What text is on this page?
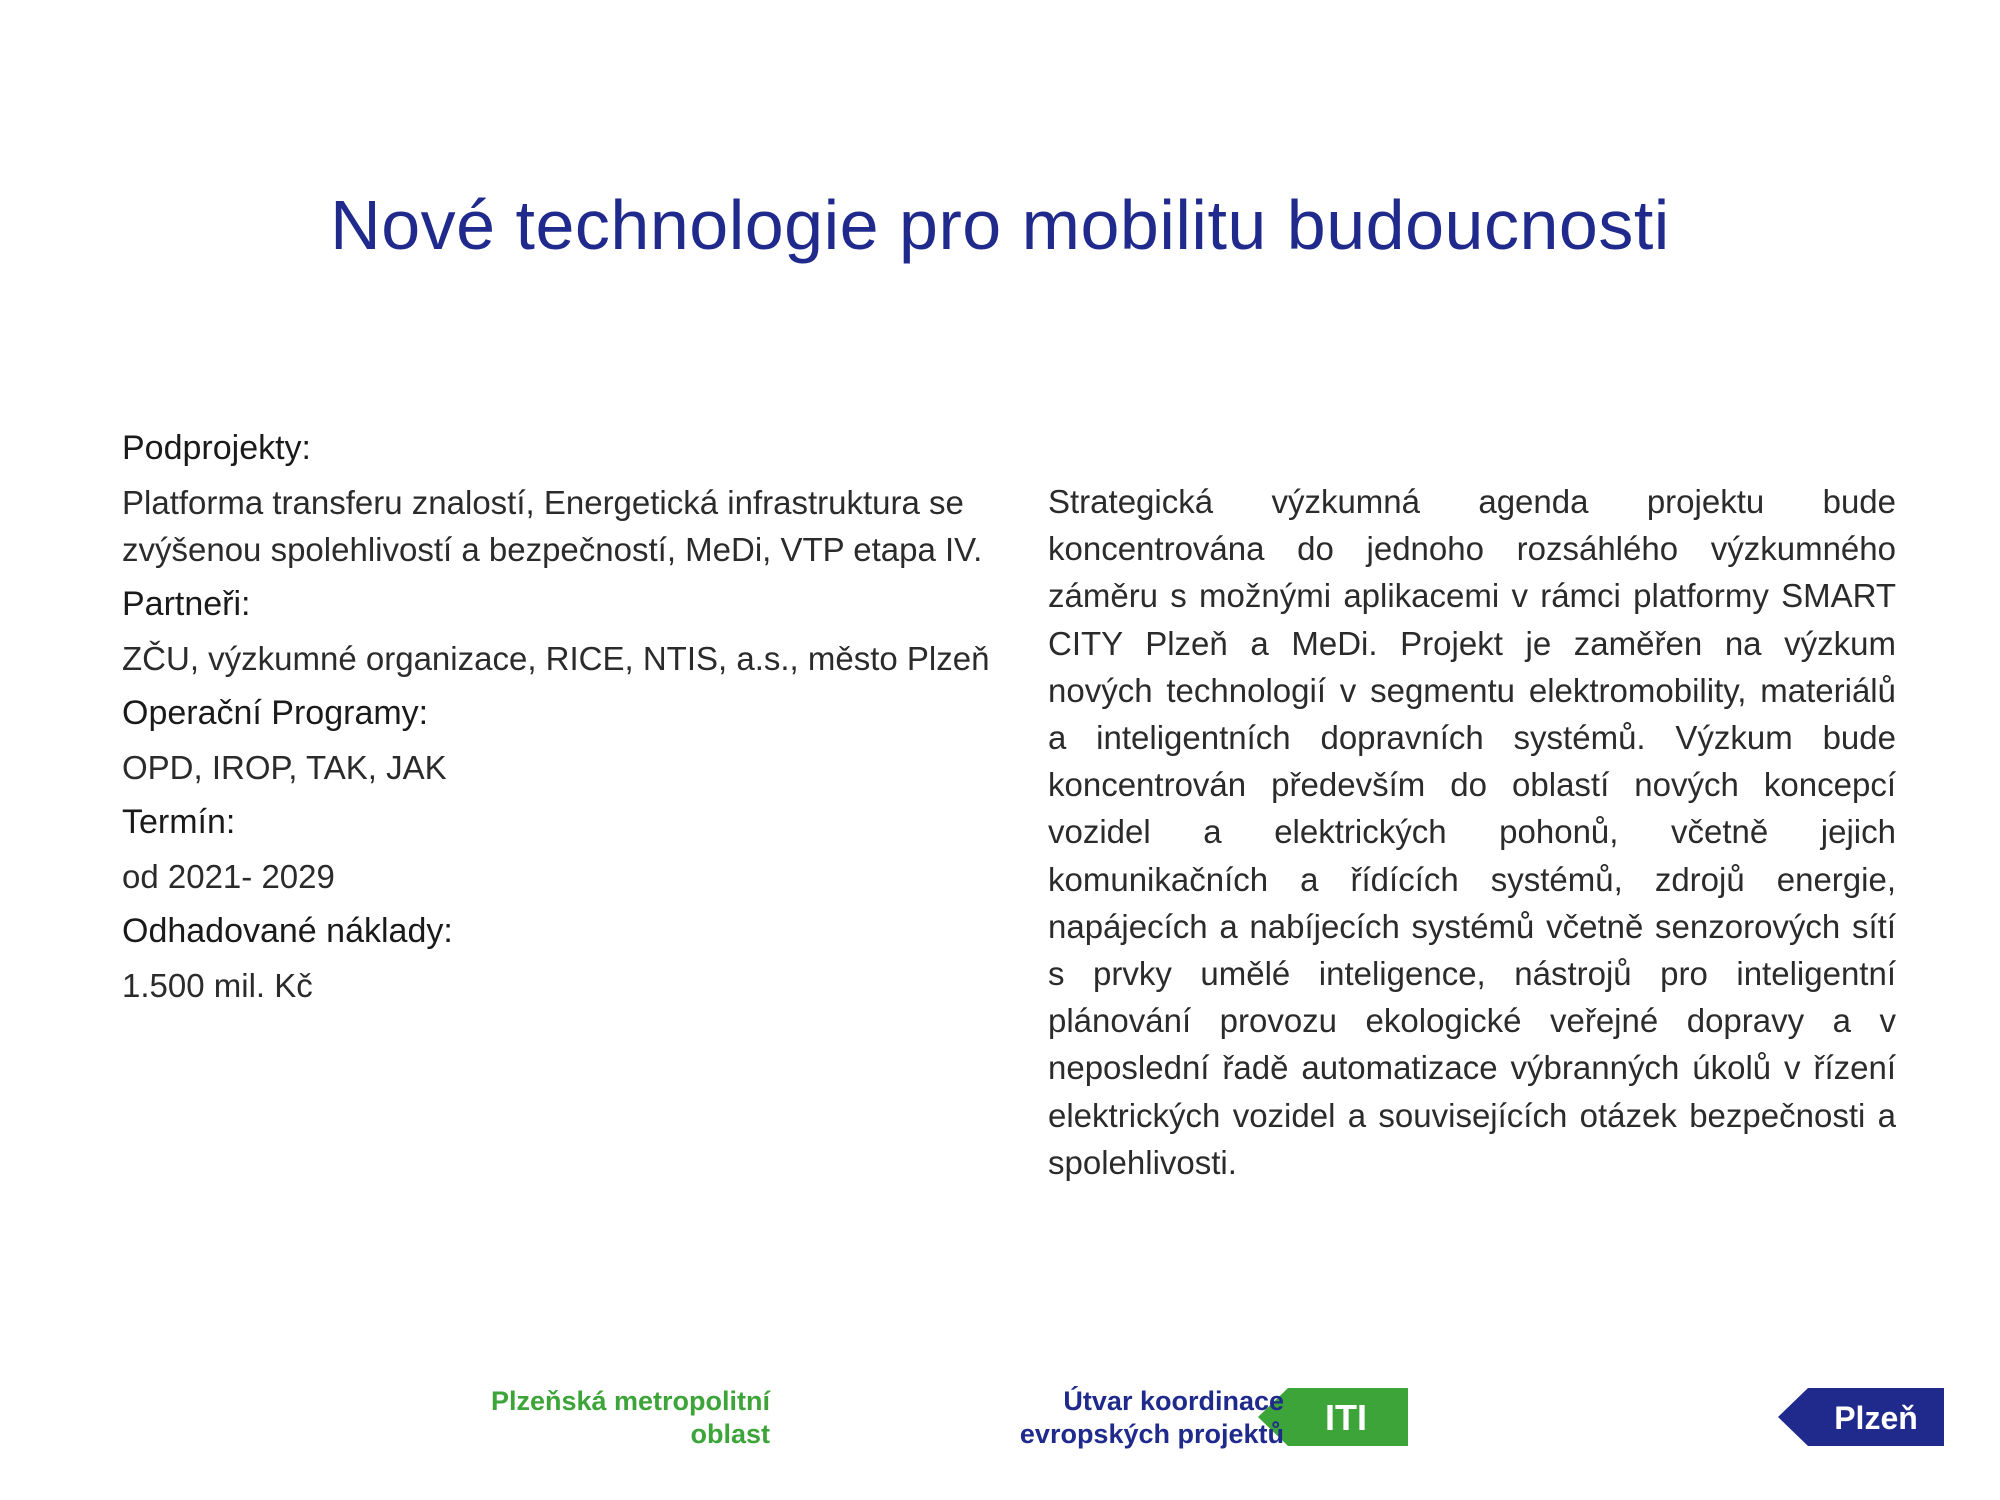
Nové technologie pro mobilitu budoucnosti
Podprojekty:
Platforma transferu znalostí, Energetická infrastruktura se zvýšenou spolehlivostí a bezpečností, MeDi, VTP etapa IV.
Partneři:
ZČU, výzkumné organizace, RICE, NTIS, a.s., město Plzeň
Operační Programy:
OPD, IROP, TAK, JAK
Termín:
od 2021- 2029
Odhadované náklady:
1.500 mil. Kč
Strategická výzkumná agenda projektu bude koncentrována do jednoho rozsáhlého výzkumného záměru s možnými aplikacemi v rámci platformy SMART CITY Plzeň a MeDi. Projekt je zaměřen na výzkum nových technologií v segmentu elektromobility, materiálů a inteligentních dopravních systémů. Výzkum bude koncentrován především do oblastí nových koncepcí vozidel a elektrických pohonů, včetně jejich komunikačních a řídících systémů, zdrojů energie, napájecích a nabíjecích systémů včetně senzorových sítí s prvky umělé inteligence, nástrojů pro inteligentní plánování provozu ekologické veřejné dopravy a v neposlední řadě automatizace výbranných úkolů v řízení elektrických vozidel a souvisejících otázek bezpečnosti a spolehlivosti.
Plzeňská metropolitní
oblast	ITI
Útvar koordinace
evropských projektů	Plzeň
